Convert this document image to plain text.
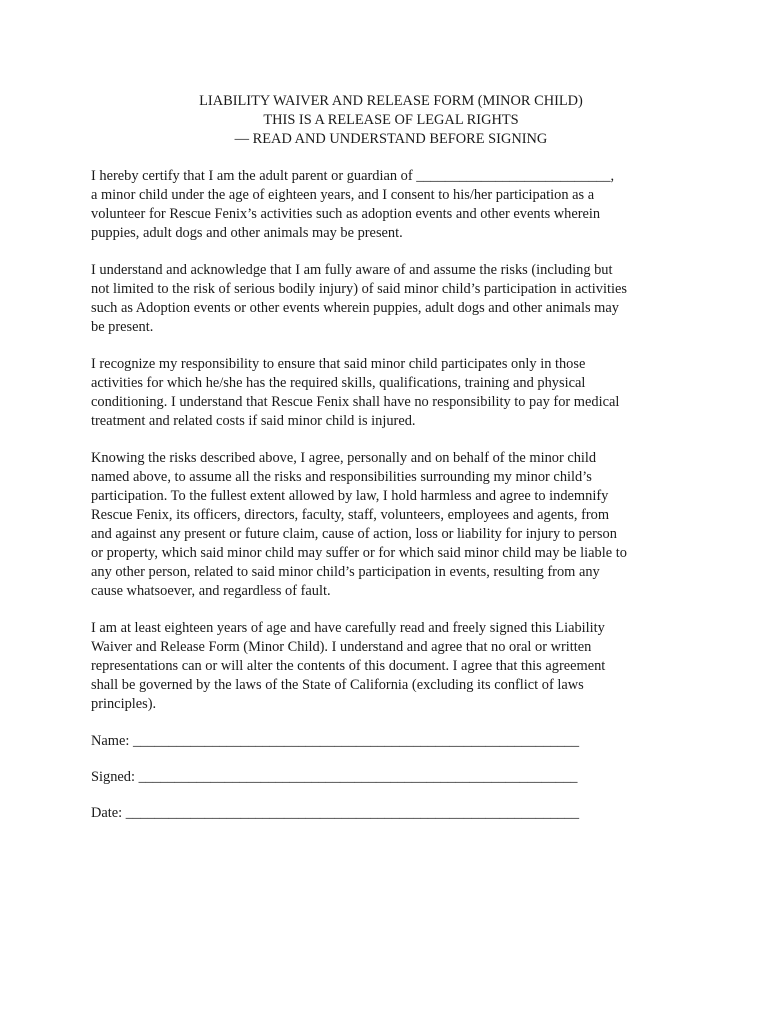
LIABILITY WAIVER AND RELEASE FORM (MINOR CHILD)
THIS IS A RELEASE OF LEGAL RIGHTS
— READ AND UNDERSTAND BEFORE SIGNING
I hereby certify that I am the adult parent or guardian of ___________________________,
a minor child under the age of eighteen years, and I consent to his/her participation as a
volunteer for Rescue Fenix’s activities such as adoption events and other events wherein
puppies, adult dogs and other animals may be present.
I understand and acknowledge that I am fully aware of and assume the risks (including but
not limited to the risk of serious bodily injury) of said minor child’s participation in activities
such as Adoption events or other events wherein puppies, adult dogs and other animals may
be present.
I recognize my responsibility to ensure that said minor child participates only in those
activities for which he/she has the required skills, qualifications, training and physical
conditioning. I understand that Rescue Fenix shall have no responsibility to pay for medical
treatment and related costs if said minor child is injured.
Knowing the risks described above, I agree, personally and on behalf of the minor child
named above, to assume all the risks and responsibilities surrounding my minor child’s
participation. To the fullest extent allowed by law, I hold harmless and agree to indemnify
Rescue Fenix, its officers, directors, faculty, staff, volunteers, employees and agents, from
and against any present or future claim, cause of action, loss or liability for injury to person
or property, which said minor child may suffer or for which said minor child may be liable to
any other person, related to said minor child’s participation in events, resulting from any
cause whatsoever, and regardless of fault.
I am at least eighteen years of age and have carefully read and freely signed this Liability
Waiver and Release Form (Minor Child). I understand and agree that no oral or written
representations can or will alter the contents of this document. I agree that this agreement
shall be governed by the laws of the State of California (excluding its conflict of laws
principles).
Name: ______________________________________________________________
Signed: _____________________________________________________________
Date: _______________________________________________________________
